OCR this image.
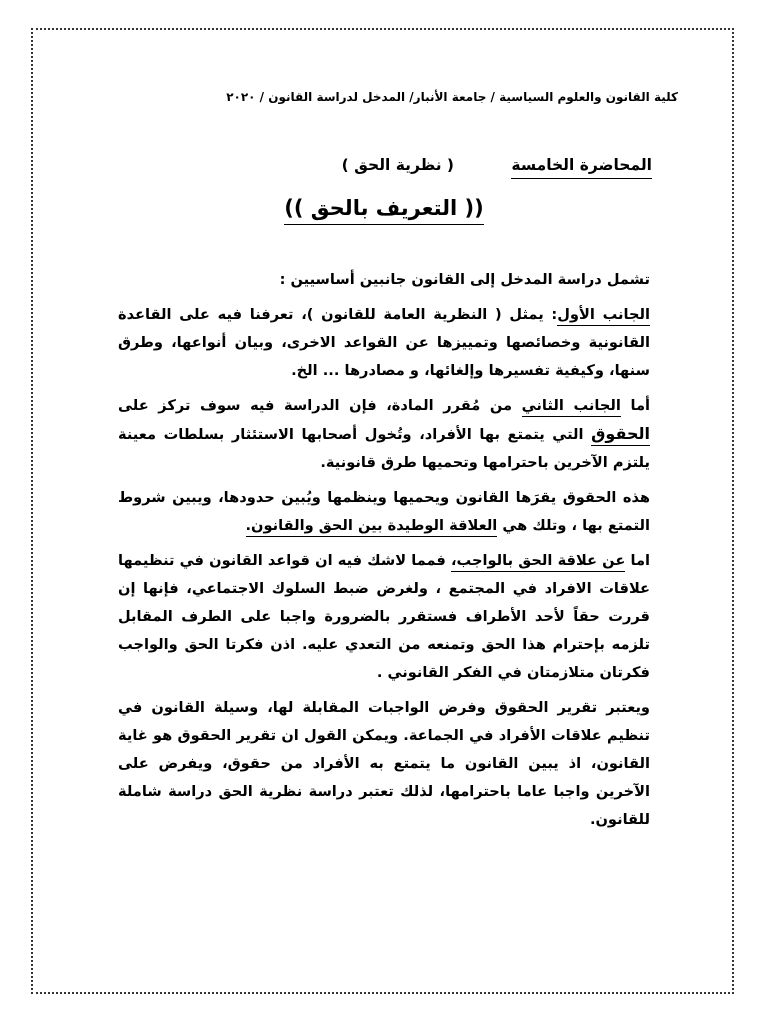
كلية القانون والعلوم السياسية / جامعة الأنبار/ المدخل لدراسة القانون / ٢٠٢٠
المحاضرة الخامسة ( نظرية الحق )
(( التعريف بالحق ))

تشمل دراسة المدخل إلى القانون جانبين أساسيين :

الجانب الأول: يمثل ( النظرية العامة للقانون )، تعرفنا فيه على القاعدة القانونية وخصائصها وتمييزها عن القواعد الاخرى، وبيان أنواعها، وطرق سنها، وكيفية تفسيرها وإلغائها، و مصادرها ... الخ.

أما الجانب الثاني من مُقرر المادة، فإن الدراسة فيه سوف تركز على الحقوق التي يتمتع بها الأفراد، وتُخول أصحابها الاستئثار بسلطات معينة يلتزم الآخرين باحترامها وتحميها طرق قانونية.

هذه الحقوق يقرَها القانون ويحميها وينظمها ويُبين حدودها، ويبين شروط التمتع بها ، وتلك هي العلاقة الوطيدة بين الحق والقانون.

اما عن علاقة الحق بالواجب، فمما لاشك فيه ان قواعد القانون في تنظيمها علاقات الافراد في المجتمع ، ولغرض ضبط السلوك الاجتماعي، فإنها إن قررت حقاً لأحد الأطراف فستقرر بالضرورة واجبا على الطرف المقابل تلزمه بإحترام هذا الحق وتمنعه من التعدي عليه. اذن فكرتا الحق والواجب فكرتان متلازمتان في الفكر القانوني .

ويعتبر تقرير الحقوق وفرض الواجبات المقابلة لها، وسيلة القانون في تنظيم علاقات الأفراد في الجماعة. ويمكن القول ان تقرير الحقوق هو غاية القانون، اذ يبين القانون ما يتمتع به الأفراد من حقوق، ويفرض على الآخرين واجبا عاما باحترامها، لذلك تعتبر دراسة نظرية الحق دراسة شاملة للقانون.
